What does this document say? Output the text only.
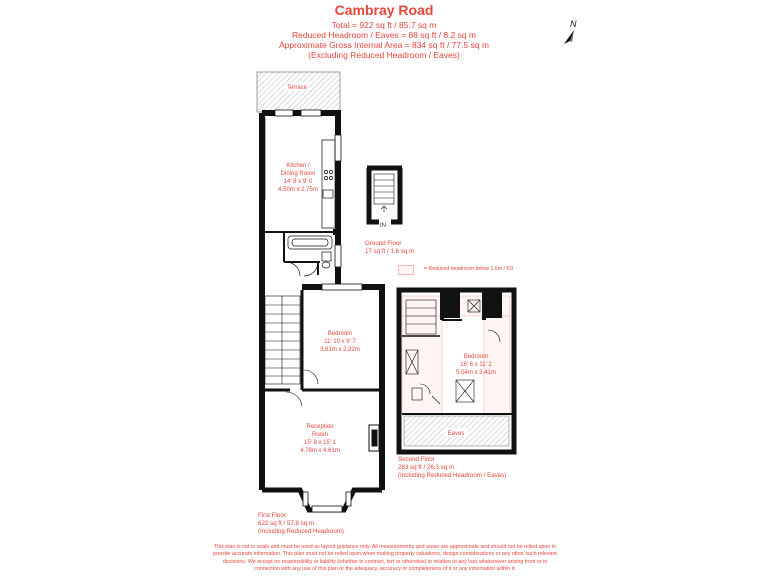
Cambray Road
Total = 922 sq ft / 85.7 sq m
Reduced Headroom / Eaves = 88 sq ft / 8.2 sq m
Approximate Gross Internal Area = 834 sq ft / 77.5 sq m
(Excluding Reduced Headroom / Eaves)
N
Terrace
Kitchen /
Dining Room
14' 8 x 9' 0
4.50m x 2.75m
Bedroom
11' 10 x 9' 7
3.61m x 2.92m
Reception
Room
15' 8 x 15' 1
4.78m x 4.61m
IN
Eaves
Bedroom
16' 6 x 11' 2
5.04m x 3.41m
Ground Floor
17 sq ft / 1.6 sq m
First Floor
622 sq ft / 57.8 sq m
(Including Reduced Headroom)
Second Floor
283 sq ft / 26.3 sq m
(Including Reduced Headroom / Eaves)
= Reduced headroom below 1.5m / 5'0
This plan is not to scale and must be used as layout guidance only. All measurements and areas are approximate and should not be relied upon to
provide accurate information. This plan must not be relied upon when making property valuations, design considerations or any other such relevant
decisions. We accept no responsibility or liability (whether in contract, tort or otherwise) in relation to any loss whatsoever arising from or in
connection with any use of this plan or the adequacy, accuracy or completeness of it or any information within it.
